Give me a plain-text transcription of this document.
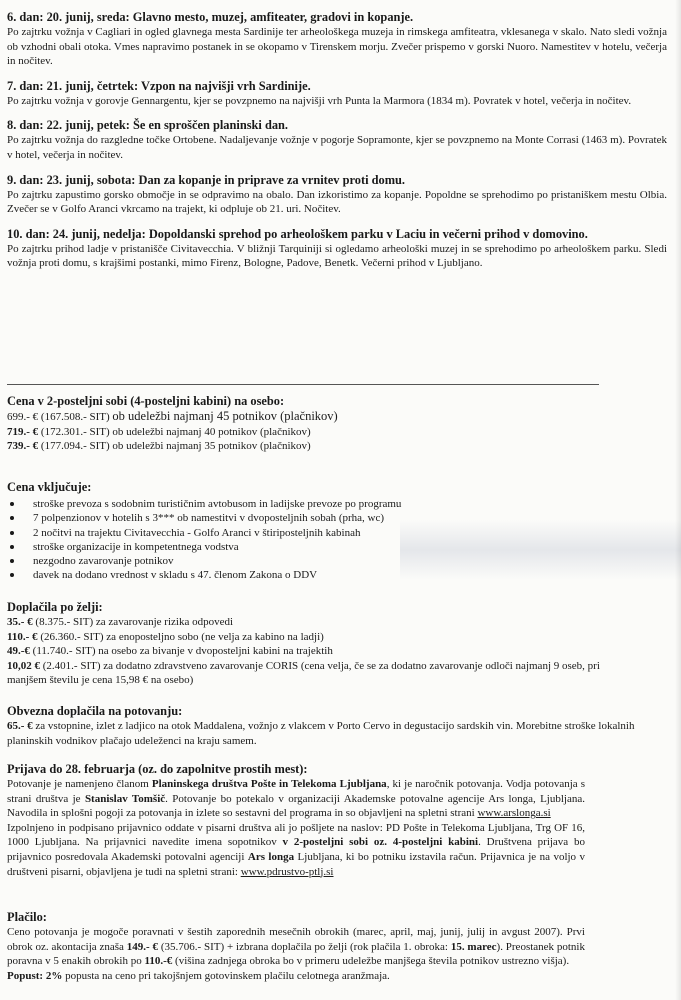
6. dan: 20. junij, sreda: Glavno mesto, muzej, amfiteater, gradovi in kopanje.

Po zajtrku vožnja v Cagliari in ogled glavnega mesta Sardinije ter arheološkega muzeja in rimskega amfiteatra, vklesanega v skalo. Nato sledi vožnja ob vzhodni obali otoka. Vmes napravimo postanek in se okopamo v Tirenskem morju. Zvečer prispemo v gorski Nuoro. Namestitev v hotelu, večerja in nočitev.

7. dan: 21. junij, četrtek: Vzpon na najvišji vrh Sardinije.

Po zajtrku vožnja v gorovje Gennargentu, kjer se povzpnemo na najvišji vrh Punta la Marmora (1834 m). Povratek v hotel, večerja in nočitev.

8. dan: 22. junij, petek: Še en sproščen planinski dan.

Po zajtrku vožnja do razgledne točke Ortobene. Nadaljevanje vožnje v pogorje Sopramonte, kjer se povzpnemo na Monte Corrasi (1463 m). Povratek v hotel, večerja in nočitev.

9. dan: 23. junij, sobota: Dan za kopanje in priprave za vrnitev proti domu.

Po zajtrku zapustimo gorsko območje in se odpravimo na obalo. Dan izkoristimo za kopanje. Popoldne se sprehodimo po pristaniškem mestu Olbia. Zvečer se v Golfo Aranci vkrcamo na trajekt, ki odpluje ob 21. uri. Nočitev.

10. dan: 24. junij, nedelja: Dopoldanski sprehod po arheološkem parku v Laciu in večerni prihod v domovino.

Po zajtrku prihod ladje v pristanišče Civitavecchia. V bližnji Tarquiniji si ogledamo arheološki muzej in se sprehodimo po arheološkem parku. Sledi vožnja proti domu, s krajšimi postanki, mimo Firenz, Bologne, Padove, Benetk. Večerni prihod v Ljubljano.

Cena v 2-posteljni sobi (4-posteljni kabini) na osebo:
699.- € (167.508.- SIT) ob udeležbi najmanj 45 potnikov (plačnikov)
719.- € (172.301.- SIT) ob udeležbi najmanj 40 potnikov (plačnikov)
739.- € (177.094.- SIT) ob udeležbi najmanj 35 potnikov (plačnikov)
Cena vključuje:
stroške prevoza s sodobnim turističnim avtobusom in ladijske prevoze po programu
7 polpenzionov v hotelih s 3*** ob namestitvi v dvoposteljnih sobah (prha, wc)
2 nočitvi na trajektu Civitavecchia - Golfo Aranci v štiriposteljnih kabinah
stroške organizacije in kompetentnega vodstva
nezgodno zavarovanje potnikov
davek na dodano vrednost v skladu s 47. členom Zakona o DDV
Doplačila po želji:
35.- € (8.375.- SIT) za zavarovanje rizika odpovedi
110.- € (26.360.- SIT) za enoposteljno sobo (ne velja za kabino na ladji)
49.-€ (11.740.- SIT) na osebo za bivanje v dvoposteljni kabini na trajektih
10,02 € (2.401.- SIT) za dodatno zdravstveno zavarovanje CORIS (cena velja, če se za dodatno zavarovanje odloči najmanj 9 oseb, pri manjšem številu je cena 15,98 € na osebo)
Obvezna doplačila na potovanju:

65.- € za vstopnine, izlet z ladjico na otok Maddalena, vožnjo z vlakcem v Porto Cervo in degustacijo sardskih vin. Morebitne stroške lokalnih planinskih vodnikov plačajo udeleženci na kraju samem.

Prijava do 28. februarja (oz. do zapolnitve prostih mest):

Potovanje je namenjeno članom Planinskega društva Pošte in Telekoma Ljubljana, ki je naročnik potovanja. Vodja potovanja s strani društva je Stanislav Tomšič. Potovanje bo potekalo v organizaciji Akademske potovalne agencije Ars longa, Ljubljana. Navodila in splošni pogoji za potovanja in izlete so sestavni del programa in so objavljeni na spletni strani www.arslonga.si

Izpolnjeno in podpisano prijavnico oddate v pisarni društva ali jo pošljete na naslov: PD Pošte in Telekoma Ljubljana, Trg OF 16, 1000 Ljubljana. Na prijavnici navedite imena sopotnikov v 2-posteljni sobi oz. 4-posteljni kabini. Društvena prijava bo prijavnico posredovala Akademski potovalni agenciji Ars longa Ljubljana, ki bo potniku izstavila račun. Prijavnica je na voljo v društveni pisarni, objavljena je tudi na spletni strani: www.pdrustvo-ptlj.si

Plačilo:

Ceno potovanja je mogoče poravnati v šestih zaporednih mesečnih obrokih (marec, april, maj, junij, julij in avgust 2007). Prvi obrok oz. akontacija znaša 149.- € (35.706.- SIT) + izbrana doplačila po želji (rok plačila 1. obroka: 15. marec). Preostanek potnik poravna v 5 enakih obrokih po 110.-€ (višina zadnjega obroka bo v primeru udeležbe manjšega števila potnikov ustrezno višja).

Popust: 2% popusta na ceno pri takojšnjem gotovinskem plačilu celotnega aranžmaja.
